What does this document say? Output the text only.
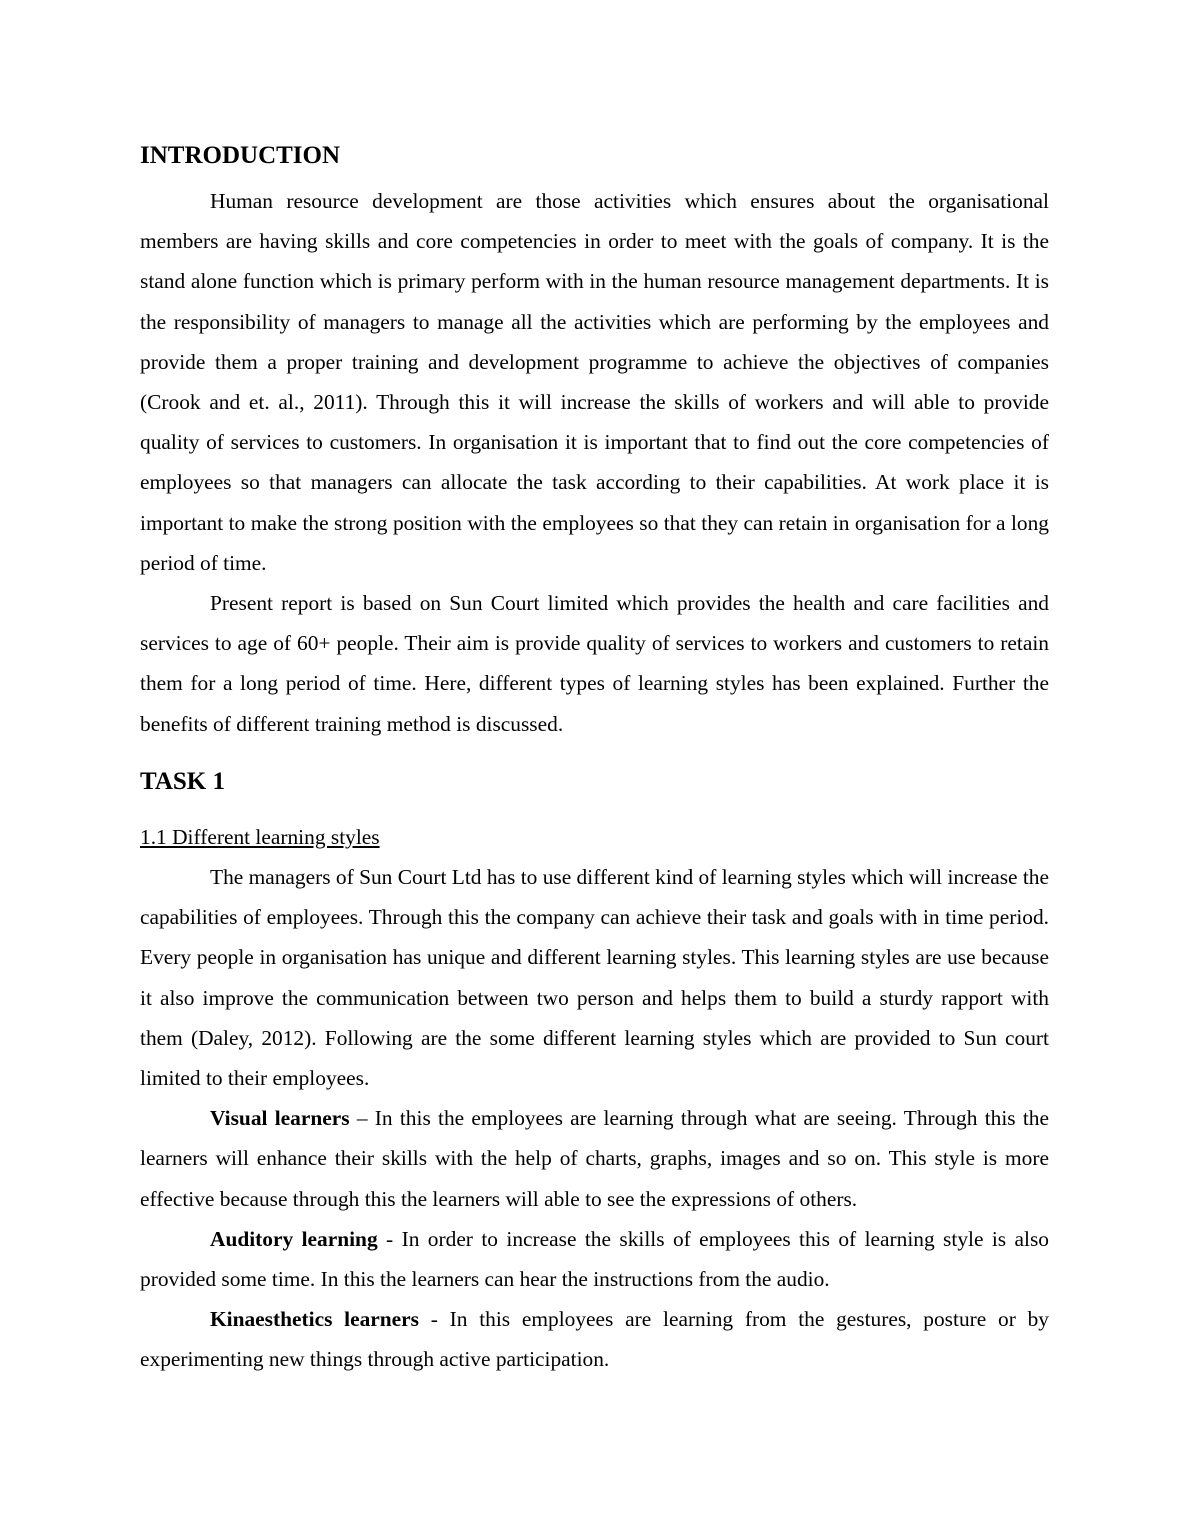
INTRODUCTION

Human resource development are those activities which ensures about the organisational members are having skills and core competencies in order to meet with the goals of company. It is the stand alone function which is primary perform with in the human resource management departments. It is the responsibility of managers to manage all the activities which are performing by the employees and provide them a proper training and development programme to achieve the objectives of companies (Crook and et. al., 2011). Through this it will increase the skills of workers and will able to provide quality of services to customers. In organisation it is important that to find out the core competencies of employees so that managers can allocate the task according to their capabilities. At work place it is important to make the strong position with the employees so that they can retain in organisation for a long period of time.

Present report is based on Sun Court limited which provides the health and care facilities and services to age of 60+ people. Their aim is provide quality of services to workers and customers to retain them for a long period of time. Here, different types of learning styles has been explained. Further the benefits of different training method is discussed.

TASK 1

1.1 Different learning styles

The managers of Sun Court Ltd has to use different kind of learning styles which will increase the capabilities of employees. Through this the company can achieve their task and goals with in time period. Every people in organisation has unique and different learning styles. This learning styles are use because it also improve the communication between two person and helps them to build a sturdy rapport with them (Daley, 2012). Following are the some different learning styles which are provided to Sun court limited to their employees.

Visual learners – In this the employees are learning through what are seeing. Through this the learners will enhance their skills with the help of charts, graphs, images and so on. This style is more effective because through this the learners will able to see the expressions of others.

Auditory learning - In order to increase the skills of employees this of learning style is also provided some time. In this the learners can hear the instructions from the audio.

Kinaesthetics learners - In this employees are learning from the gestures, posture or by experimenting new things through active participation.
